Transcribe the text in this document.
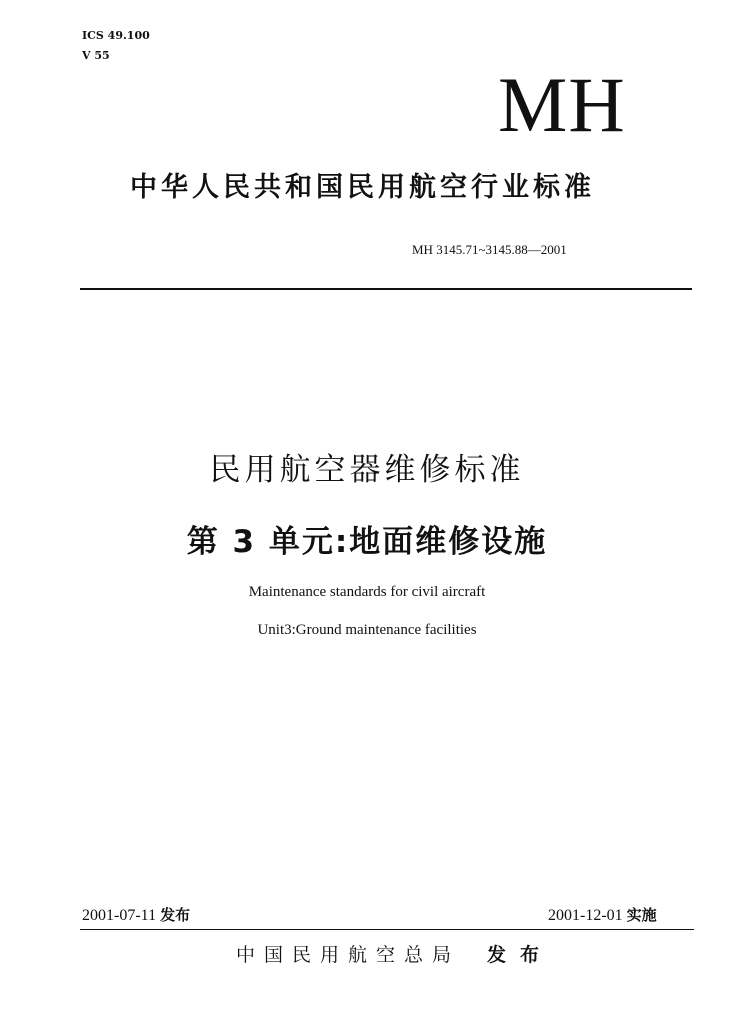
ICS 49.100
V 55
MH
中华人民共和国民用航空行业标准
MH 3145.71~3145.88—2001
民用航空器维修标准
第 3 单元:地面维修设施
Maintenance standards for civil aircraft
Unit3:Ground maintenance facilities
2001-07-11 发布	2001-12-01 实施
中国民用航空总局 发布
